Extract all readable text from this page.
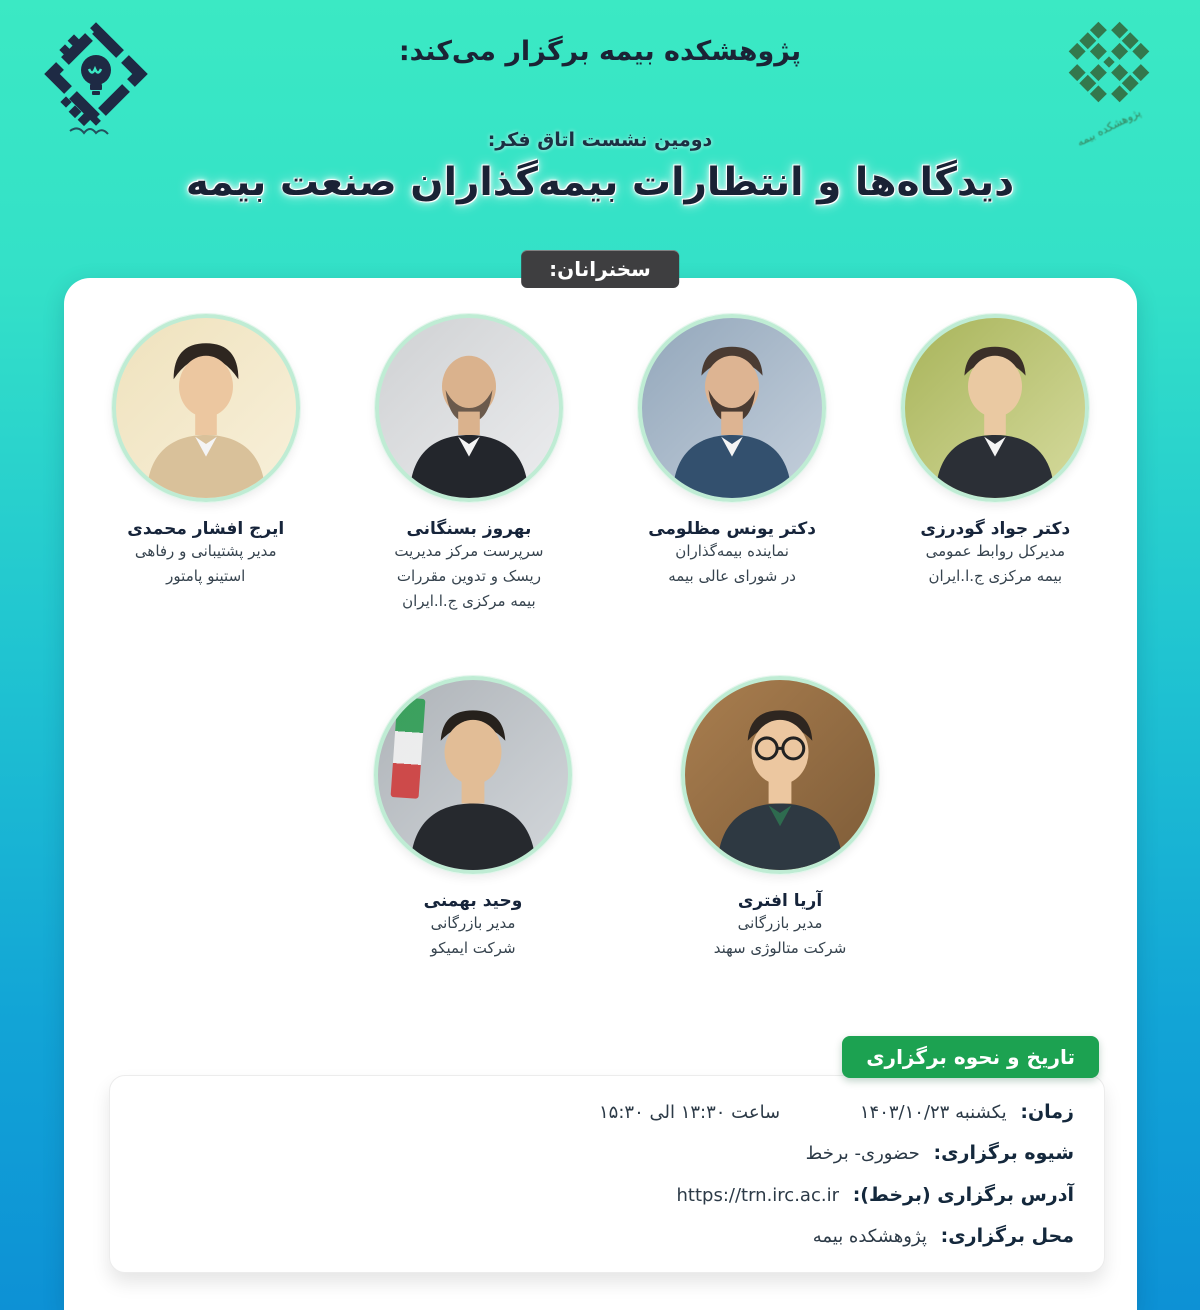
پژوهشکده بیمه
پژوهشکده بیمه برگزار می‌کند:
دومین نشست اتاق فکر:
دیدگاه‌ها و انتظارات بیمه‌گذاران صنعت بیمه
سخنرانان:
دکتر جواد گودرزی
مدیرکل روابط عمومی
بیمه مرکزی ج.ا.ایران
دکتر یونس مظلومی
نماینده بیمه‌گذاران
در شورای عالی بیمه
بهروز بسنگانی
سرپرست مرکز مدیریت
ریسک و تدوین مقررات
بیمه مرکزی ج.ا.ایران
ایرج افشار محمدی
مدیر پشتیبانی و رفاهی
استینو پامتور
آریا افتری
مدیر بازرگانی
شرکت متالوژی سهند
وحید بهمنی
مدیر بازرگانی
شرکت ایمیکو
تاریخ و نحوه برگزاری
زمان: یکشنبه ۱۴۰۳/۱۰/۲۳ ساعت ۱۳:۳۰ الی ۱۵:۳۰
شیوه برگزاری: حضوری- برخط
آدرس برگزاری (برخط): https://trn.irc.ac.ir
محل برگزاری: پژوهشکده بیمه
